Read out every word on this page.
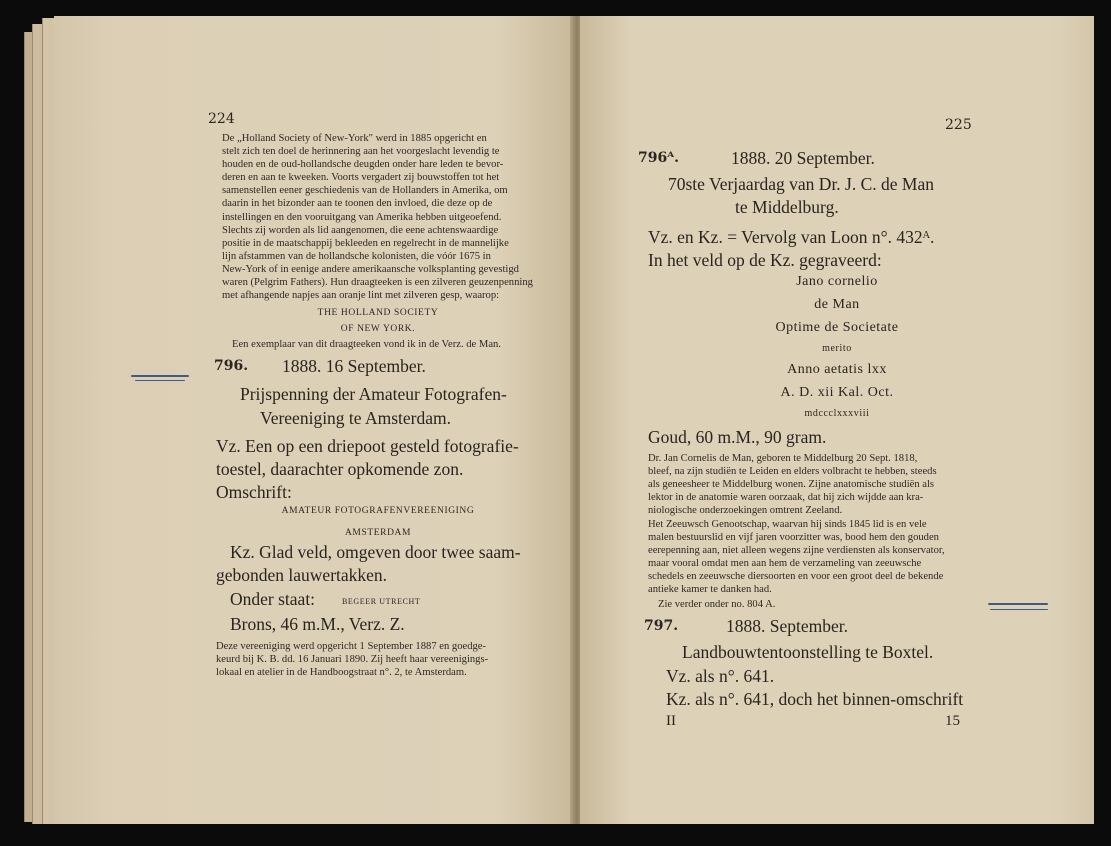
224
De „Holland Society of New-York" werd in 1885 opgericht en
stelt zich ten doel de herinnering aan het voorgeslacht levendig te
houden en de oud-hollandsche deugden onder hare leden te bevor-
deren en aan te kweeken. Voorts vergadert zij bouwstoffen tot het
samenstellen eener geschiedenis van de Hollanders in Amerika, om
daarin in het bizonder aan te toonen den invloed, die deze op de
instellingen en den vooruitgang van Amerika hebben uitgeoefend.
Slechts zij worden als lid aangenomen, die eene achtenswaardige
positie in de maatschappij bekleeden en regelrecht in de mannelijke
lijn afstammen van de hollandsche kolonisten, die vóór 1675 in
New-York of in eenige andere amerikaansche volksplanting gevestigd
waren (Pelgrim Fathers). Hun draagteeken is een zilveren geuzenpenning
met afhangende napjes aan oranje lint met zilveren gesp, waarop:
THE HOLLAND SOCIETY
OF NEW YORK.
Een exemplaar van dit draagteeken vond ik in de Verz. de Man.
796. 1888. 16 September.
Prijspenning der Amateur Fotografen-
Vereeniging te Amsterdam.
Vz. Een op een driepoot gesteld fotografie-
toestel, daarachter opkomende zon.
Omschrift:
AMATEUR FOTOGRAFENVEREENIGING
AMSTERDAM
Kz. Glad veld, omgeven door twee saam-
gebonden lauwertakken.
Onder staat:	BEGEER UTRECHT
Brons, 46 m.M., Verz. Z.
Deze vereeniging werd opgericht 1 September 1887 en goedge-
keurd bij K. B. dd. 16 Januari 1890. Zij heeft haar vereenigings-
lokaal en atelier in de Handboogstraat n°. 2, te Amsterdam.
225
796ᴬ.	1888. 20 September.
70ste Verjaardag van Dr. J. C. de Man
te Middelburg.
Vz. en Kz. = Vervolg van Loon n°. 432ᴬ.
In het veld op de Kz. gegraveerd:
Jano cornelio
de Man
Optime de Societate
merito
Anno aetatis lxx
A. D. xii Kal. Oct.
mdccclxxxviii
Goud, 60 m.M., 90 gram.
Dr. Jan Cornelis de Man, geboren te Middelburg 20 Sept. 1818,
bleef, na zijn studiën te Leiden en elders volbracht te hebben, steeds
als geneesheer te Middelburg wonen. Zijne anatomische studiën als
lektor in de anatomie waren oorzaak, dat hij zich wijdde aan kra-
niologische onderzoekingen omtrent Zeeland.
Het Zeeuwsch Genootschap, waarvan hij sinds 1845 lid is en vele
malen bestuurslid en vijf jaren voorzitter was, bood hem den gouden
eerepenning aan, niet alleen wegens zijne verdiensten als konservator,
maar vooral omdat men aan hem de verzameling van zeeuwsche
schedels en zeeuwsche diersoorten en voor een groot deel de bekende
antieke kamer te danken had.
Zie verder onder no. 804 A.
797.	1888. September.
Landbouwtentoonstelling te Boxtel.
Vz. als n°. 641.
Kz. als n°. 641, doch het binnen-omschrift
II	15
